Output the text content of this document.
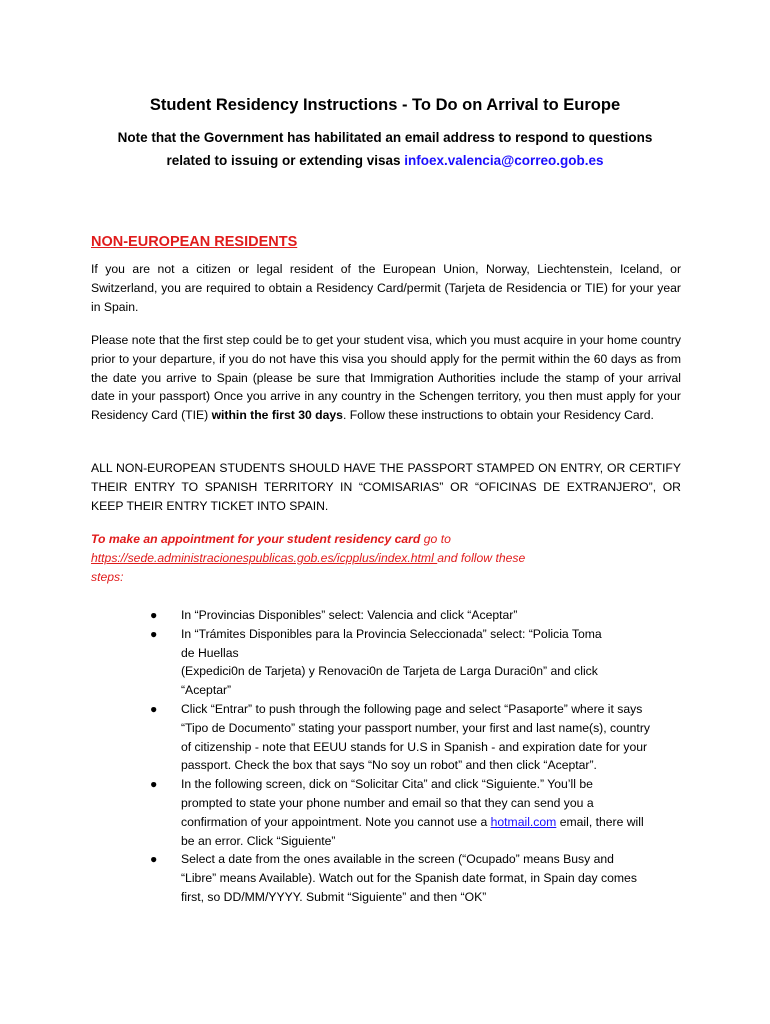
Student Residency Instructions - To Do on Arrival to Europe
Note that the Government has habilitated an email address to respond to questions
related to issuing or extending visas infoex.valencia@correo.gob.es
NON-EUROPEAN RESIDENTS
If you are not a citizen or legal resident of the European Union, Norway, Liechtenstein, Iceland, or Switzerland, you are required to obtain a Residency Card/permit (Tarjeta de Residencia or TIE) for your year in Spain.
Please note that the first step could be to get your student visa, which you must acquire in your home country prior to your departure, if you do not have this visa you should apply for the permit within the 60 days as from the date you arrive to Spain (please be sure that Immigration Authorities include the stamp of your arrival date in your passport) Once you arrive in any country in the Schengen territory, you then must apply for your Residency Card (TIE) within the first 30 days. Follow these instructions to obtain your Residency Card.
ALL NON-EUROPEAN STUDENTS SHOULD HAVE THE PASSPORT STAMPED ON ENTRY, OR CERTIFY THEIR ENTRY TO SPANISH TERRITORY IN “COMISARIAS” OR “OFICINAS DE EXTRANJERO”, OR KEEP THEIR ENTRY TICKET INTO SPAIN.
To make an appointment for your student residency card go to
https://sede.administracionespublicas.gob.es/icpplus/index.html and follow these
steps:
●	In “Provincias Disponibles” select: Valencia and click “Aceptar”
●	In “Trámites Disponibles para la Provincia Seleccionada” select: “Policia Toma
de Huellas
(Expedici0n de Tarjeta) y Renovaci0n de Tarjeta de Larga Duraci0n” and click
“Aceptar”
●	Click “Entrar” to push through the following page and select “Pasaporte” where it says
“Tipo de Documento” stating your passport number, your first and last name(s), country
of citizenship - note that EEUU stands for U.S in Spanish - and expiration date for your
passport. Check the box that says “No soy un robot” and then click “Aceptar”.
●	In the following screen, dick on “Solicitar Cita” and click “Siguiente.” You’ll be
prompted to state your phone number and email so that they can send you a
confirmation of your appointment. Note you cannot use a hotmail.com email, there will
be an error. Click “Siguiente”
●	Select a date from the ones available in the screen (“Ocupado” means Busy and
“Libre” means Available). Watch out for the Spanish date format, in Spain day comes
first, so DD/MM/YYYY. Submit “Siguiente” and then “OK”
